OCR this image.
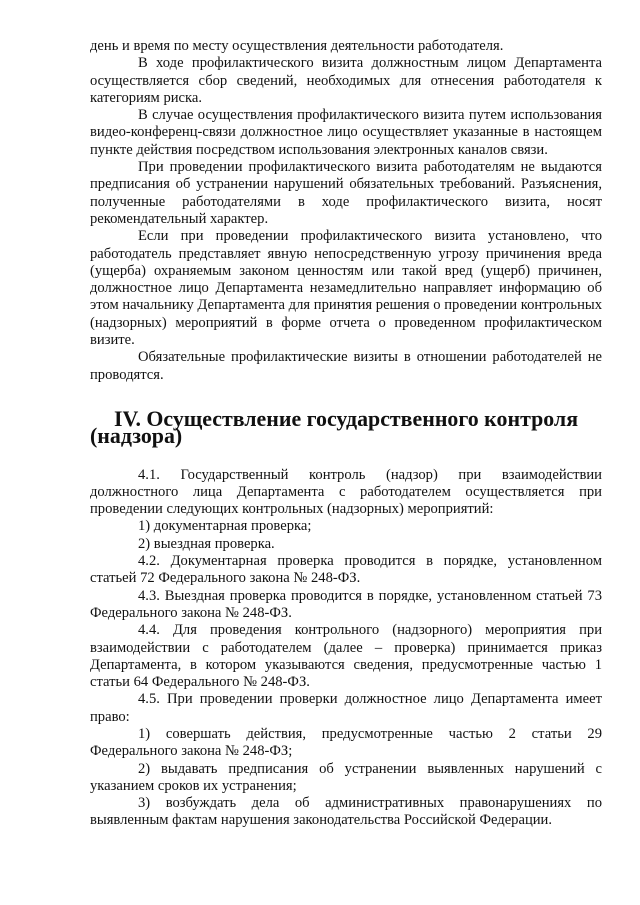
день и время по месту осуществления деятельности работодателя.

В ходе профилактического визита должностным лицом Департамента осуществляется сбор сведений, необходимых для отнесения работодателя к категориям риска.

В случае осуществления профилактического визита путем использования видео-конференц-связи должностное лицо осуществляет указанные в настоящем пункте действия посредством использования электронных каналов связи.

При проведении профилактического визита работодателям не выдаются предписания об устранении нарушений обязательных требований. Разъяснения, полученные работодателями в ходе профилактического визита, носят рекомендательный характер.

Если при проведении профилактического визита установлено, что работодатель представляет явную непосредственную угрозу причинения вреда (ущерба) охраняемым законом ценностям или такой вред (ущерб) причинен, должностное лицо Департамента незамедлительно направляет информацию об этом начальнику Департамента для принятия решения о проведении контрольных (надзорных) мероприятий в форме отчета о проведенном профилактическом визите.

Обязательные профилактические визиты в отношении работодателей не проводятся.

IV. Осуществление государственного контроля (надзора)

4.1. Государственный контроль (надзор) при взаимодействии должностного лица Департамента с работодателем осуществляется при проведении следующих контрольных (надзорных) мероприятий:

1) документарная проверка;

2) выездная проверка.

4.2. Документарная проверка проводится в порядке, установленном статьей 72 Федерального закона № 248-ФЗ.

4.3. Выездная проверка проводится в порядке, установленном статьей 73 Федерального закона № 248-ФЗ.

4.4. Для проведения контрольного (надзорного) мероприятия при взаимодействии с работодателем (далее – проверка) принимается приказ Департамента, в котором указываются сведения, предусмотренные частью 1 статьи 64 Федерального № 248-ФЗ.

4.5. При проведении проверки должностное лицо Департамента имеет право:

1) совершать действия, предусмотренные частью 2 статьи 29 Федерального закона № 248-ФЗ;

2) выдавать предписания об устранении выявленных нарушений с указанием сроков их устранения;

3) возбуждать дела об административных правонарушениях по выявленным фактам нарушения законодательства Российской Федерации.
